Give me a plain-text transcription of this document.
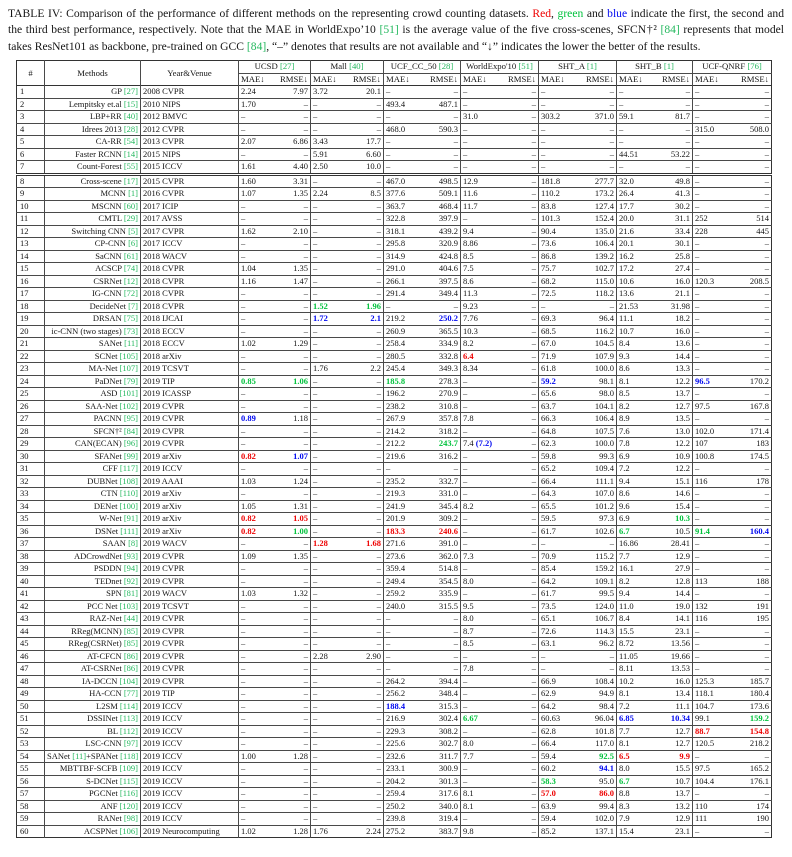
TABLE IV: Comparison of the performance of different methods on the representing crowd counting datasets. Red, green and blue indicate the first, the second and the third best performance, respectively. Note that the MAE in WorldExpo’10 [51] is the average value of the five cross-scenes, SFCN†² [84] represents that model takes ResNet101 as backbone, pre-trained on GCC [84], “–” denotes that results are not available and “↓” indicates the lower the better of the results.
#	Methods	Year&Venue	UCSD [27]		Mall [40]		UCF_CC_50 [28]		WorldExpo'10 [51]		SHT_A [1]		SHT_B [1]		UCF-QNRF [76]	
			MAE↓	RMSE↓	MAE↓	RMSE↓	MAE↓	RMSE↓	MAE↓	RMSE↓	MAE↓	RMSE↓	MAE↓	RMSE↓	MAE↓	RMSE↓
1	GP [27]	2008 CVPR	2.24	7.97	3.72	20.1	–	–	–	–	–	–	–	–	–	–
2	Lempitsky et.al [15]	2010 NIPS	1.70	–	–	–	493.4	487.1	–	–	–	–	–	–	–	–
3	LBP+RR [40]	2012 BMVC	–	–	–	–	–	–	31.0	–	303.2	371.0	59.1	81.7	–	–
4	Idrees 2013 [28]	2012 CVPR	–	–	–	–	468.0	590.3	–	–	–	–	–	–	315.0	508.0
5	CA-RR [54]	2013 CVPR	2.07	6.86	3.43	17.7	–	–	–	–	–	–	–	–	–	–
6	Faster RCNN [14]	2015 NIPS	–	–	5.91	6.60	–	–	–	–	–	–	44.51	53.22	–	–
7	Count-Forest [55]	2015 ICCV	1.61	4.40	2.50	10.0	–	–	–	–	–	–	–	–	–	–
8	Cross-scene [17]	2015 CVPR	1.60	3.31	–	–	467.0	498.5	12.9	–	181.8	277.7	32.0	49.8	–	–
9	MCNN [1]	2016 CVPR	1.07	1.35	2.24	8.5	377.6	509.1	11.6	–	110.2	173.2	26.4	41.3	–	–
10	MSCNN [60]	2017 ICIP	–	–	–	–	363.7	468.4	11.7	–	83.8	127.4	17.7	30.2	–	–
11	CMTL [29]	2017 AVSS	–	–	–	–	322.8	397.9	–	–	101.3	152.4	20.0	31.1	252	514
12	Switching CNN [5]	2017 CVPR	1.62	2.10	–	–	318.1	439.2	9.4	–	90.4	135.0	21.6	33.4	228	445
13	CP-CNN [6]	2017 ICCV	–	–	–	–	295.8	320.9	8.86	–	73.6	106.4	20.1	30.1	–	–
14	SaCNN [61]	2018 WACV	–	–	–	–	314.9	424.8	8.5	–	86.8	139.2	16.2	25.8	–	–
15	ACSCP [74]	2018 CVPR	1.04	1.35	–	–	291.0	404.6	7.5	–	75.7	102.7	17.2	27.4	–	–
16	CSRNet [12]	2018 CVPR	1.16	1.47	–	–	266.1	397.5	8.6	–	68.2	115.0	10.6	16.0	120.3	208.5
17	IG-CNN [72]	2018 CVPR	–	–	–	–	291.4	349.4	11.3	–	72.5	118.2	13.6	21.1	–	–
18	DecideNet [7]	2018 CVPR	–	–	1.52	1.96	–	–	9.23	–	–	–	21.53	31.98	–	–
19	DRSAN [75]	2018 IJCAI	–	–	1.72	2.1	219.2	250.2	7.76	–	69.3	96.4	11.1	18.2	–	–
20	ic-CNN (two stages) [73]	2018 ECCV	–	–	–	–	260.9	365.5	10.3	–	68.5	116.2	10.7	16.0	–	–
21	SANet [11]	2018 ECCV	1.02	1.29	–	–	258.4	334.9	8.2	–	67.0	104.5	8.4	13.6	–	–
22	SCNet [105]	2018 arXiv	–	–	–	–	280.5	332.8	6.4	–	71.9	107.9	9.3	14.4	–	–
23	MA-Net [107]	2019 TCSVT	–	–	1.76	2.2	245.4	349.3	8.34	–	61.8	100.0	8.6	13.3	–	–
24	PaDNet [79]	2019 TIP	0.85	1.06	–	–	185.8	278.3	–	–	59.2	98.1	8.1	12.2	96.5	170.2
25	ASD [101]	2019 ICASSP	–	–	–	–	196.2	270.9	–	–	65.6	98.0	8.5	13.7	–	–
26	SAA-Net [102]	2019 CVPR	–	–	–	–	238.2	310.8	–	–	63.7	104.1	8.2	12.7	97.5	167.8
27	PACNN [95]	2019 CVPR	0.89	1.18	–	–	267.9	357.8	7.8	–	66.3	106.4	8.9	13.5	–	–
28	SFCN†² [84]	2019 CVPR	–	–	–	–	214.2	318.2	–	–	64.8	107.5	7.6	13.0	102.0	171.4
29	CAN(ECAN) [96]	2019 CVPR	–	–	–	–	212.2	243.7	7.4 (7.2)	–	62.3	100.0	7.8	12.2	107	183
30	SFANet [99]	2019 arXiv	0.82	1.07	–	–	219.6	316.2	–	–	59.8	99.3	6.9	10.9	100.8	174.5
31	CFF [117]	2019 ICCV	–	–	–	–	–	–	–	–	65.2	109.4	7.2	12.2	–	–
32	DUBNet [108]	2019 AAAI	1.03	1.24	–	–	235.2	332.7	–	–	66.4	111.1	9.4	15.1	116	178
33	CTN [110]	2019 arXiv	–	–	–	–	219.3	331.0	–	–	64.3	107.0	8.6	14.6	–	–
34	DENet [100]	2019 arXiv	1.05	1.31	–	–	241.9	345.4	8.2	–	65.5	101.2	9.6	15.4	–	–
35	W-Net [91]	2019 arXiv	0.82	1.05	–	–	201.9	309.2	–	–	59.5	97.3	6.9	10.3	–	–
36	DSNet [111]	2019 arXiv	0.82	1.00	–	–	183.3	240.6	–	–	61.7	102.6	6.7	10.5	91.4	160.4
37	SAAN [8]	2019 WACV	–	–	1.28	1.68	271.6	391.0	–	–	–	–	16.86	28.41	–	–
38	ADCrowdNet [93]	2019 CVPR	1.09	1.35	–	–	273.6	362.0	7.3	–	70.9	115.2	7.7	12.9	–	–
39	PSDDN [94]	2019 CVPR	–	–	–	–	359.4	514.8	–	–	85.4	159.2	16.1	27.9	–	–
40	TEDnet [92]	2019 CVPR	–	–	–	–	249.4	354.5	8.0	–	64.2	109.1	8.2	12.8	113	188
41	SPN [81]	2019 WACV	1.03	1.32	–	–	259.2	335.9	–	–	61.7	99.5	9.4	14.4	–	–
42	PCC Net [103]	2019 TCSVT	–	–	–	–	240.0	315.5	9.5	–	73.5	124.0	11.0	19.0	132	191
43	RAZ-Net [44]	2019 CVPR	–	–	–	–	–	–	8.0	–	65.1	106.7	8.4	14.1	116	195
44	RReg(MCNN) [85]	2019 CVPR	–	–	–	–	–	–	8.7	–	72.6	114.3	15.5	23.1	–	–
45	RReg(CSRNet) [85]	2019 CVPR	–	–	–	–	–	–	8.5	–	63.1	96.2	8.72	13.56	–	–
46	AT-CFCN [86]	2019 CVPR	–	–	2.28	2.90	–	–	–	–	–	–	11.05	19.66	–	–
47	AT-CSRNet [86]	2019 CVPR	–	–	–	–	–	–	7.8	–	–	–	8.11	13.53	–	–
48	IA-DCCN [104]	2019 CVPR	–	–	–	–	264.2	394.4	–	–	66.9	108.4	10.2	16.0	125.3	185.7
49	HA-CCN [77]	2019 TIP	–	–	–	–	256.2	348.4	–	–	62.9	94.9	8.1	13.4	118.1	180.4
50	L2SM [114]	2019 ICCV	–	–	–	–	188.4	315.3	–	–	64.2	98.4	7.2	11.1	104.7	173.6
51	DSSINet [113]	2019 ICCV	–	–	–	–	216.9	302.4	6.67	–	60.63	96.04	6.85	10.34	99.1	159.2
52	BL [112]	2019 ICCV	–	–	–	–	229.3	308.2	–	–	62.8	101.8	7.7	12.7	88.7	154.8
53	LSC-CNN [97]	2019 ICCV	–	–	–	–	225.6	302.7	8.0	–	66.4	117.0	8.1	12.7	120.5	218.2
54	SANet [11]+SPANet [118]	2019 ICCV	1.00	1.28	–	–	232.6	311.7	7.7	–	59.4	92.5	6.5	9.9	–	–
55	MBTTBF-SCFB [109]	2019 ICCV	–	–	–	–	233.1	300.9	–	–	60.2	94.1	8.0	15.5	97.5	165.2
56	S-DCNet [115]	2019 ICCV	–	–	–	–	204.2	301.3	–	–	58.3	95.0	6.7	10.7	104.4	176.1
57	PGCNet [116]	2019 ICCV	–	–	–	–	259.4	317.6	8.1	–	57.0	86.0	8.8	13.7	–	–
58	ANF [120]	2019 ICCV	–	–	–	–	250.2	340.0	8.1	–	63.9	99.4	8.3	13.2	110	174
59	RANet [98]	2019 ICCV	–	–	–	–	239.8	319.4	–	–	59.4	102.0	7.9	12.9	111	190
60	ACSPNet [106]	2019 Neurocomputing	1.02	1.28	1.76	2.24	275.2	383.7	9.8	–	85.2	137.1	15.4	23.1	–	–
